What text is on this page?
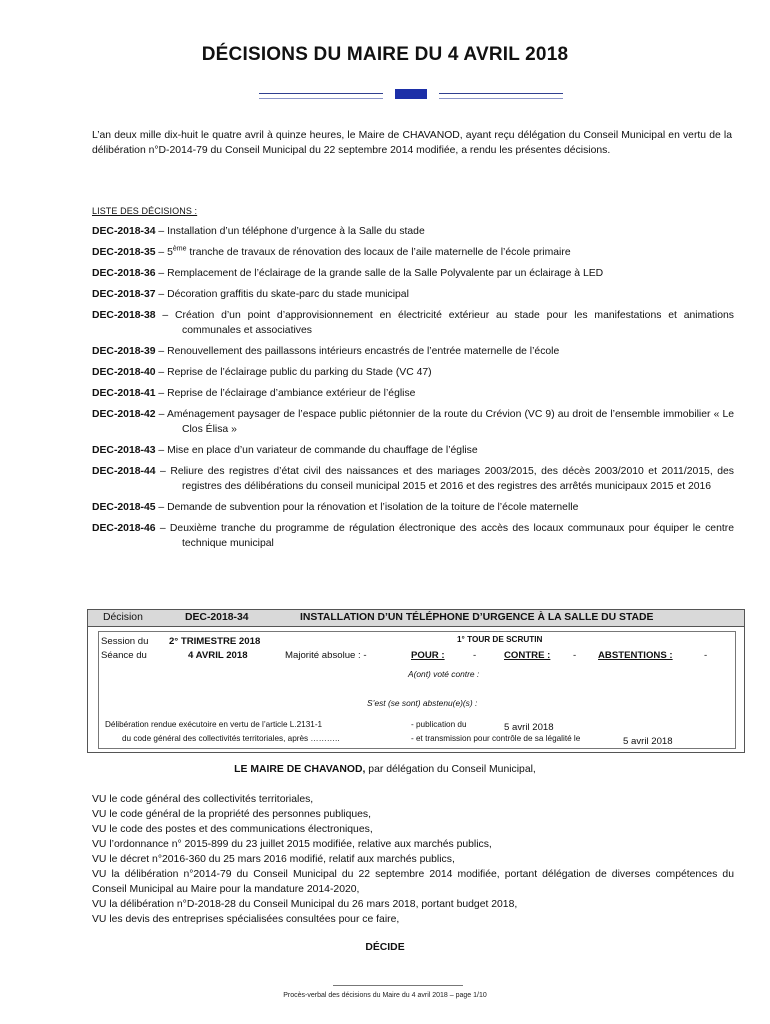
DÉCISIONS DU MAIRE DU 4 AVRIL 2018
L’an deux mille dix-huit le quatre avril à quinze heures, le Maire de CHAVANOD, ayant reçu délégation du Conseil Municipal en vertu de la délibération n°D-2014-79 du Conseil Municipal du 22 septembre 2014 modifiée, a rendu les présentes décisions.
LISTE DES DÉCISIONS :
DEC-2018-34 – Installation d’un téléphone d’urgence à la Salle du stade
DEC-2018-35 – 5ème tranche de travaux de rénovation des locaux de l’aile maternelle de l’école primaire
DEC-2018-36 – Remplacement de l’éclairage de la grande salle de la Salle Polyvalente par un éclairage à LED
DEC-2018-37 – Décoration graffitis du skate-parc du stade municipal
DEC-2018-38 – Création d’un point d’approvisionnement en électricité extérieur au stade pour les manifestations et animations communales et associatives
DEC-2018-39 – Renouvellement des paillassons intérieurs encastrés de l’entrée maternelle de l’école
DEC-2018-40 – Reprise de l’éclairage public du parking du Stade (VC 47)
DEC-2018-41 – Reprise de l’éclairage d’ambiance extérieur de l’église
DEC-2018-42 – Aménagement paysager de l’espace public piétonnier de la route du Crévion (VC 9) au droit de l’ensemble immobilier « Le Clos Élisa »
DEC-2018-43 – Mise en place d’un variateur de commande du chauffage de l’église
DEC-2018-44 – Reliure des registres d’état civil des naissances et des mariages 2003/2015, des décès 2003/2010 et 2011/2015, des registres des délibérations du conseil municipal 2015 et 2016 et des registres des arrêtés municipaux 2015 et 2016
DEC-2018-45 – Demande de subvention pour la rénovation et l’isolation de la toiture de l’école maternelle
DEC-2018-46 – Deuxième tranche du programme de régulation électronique des accès des locaux communaux pour équiper le centre technique municipal
Décision	DEC-2018-34	INSTALLATION D’UN TÉLÉPHONE D’URGENCE À LA SALLE DU STADE
Session du 2° TRIMESTRE 2018
Séance du	4 AVRIL 2018	Majorité absolue : -
1° TOUR DE SCRUTIN
POUR :	-	CONTRE : - ABSTENTIONS :	-
A(ont) voté contre :
S’est (se sont) abstenu(e)(s) :
Délibération rendue exécutoire en vertu de l’article L.2131-1
du code général des collectivités territoriales, après ………..
- publication du	5 avril 2018
- et transmission pour contrôle de sa légalité le	5 avril 2018
LE MAIRE DE CHAVANOD, par délégation du Conseil Municipal,
VU le code général des collectivités territoriales,
VU le code général de la propriété des personnes publiques,
VU le code des postes et des communications électroniques,
VU l’ordonnance n° 2015-899 du 23 juillet 2015 modifiée, relative aux marchés publics,
VU le décret n°2016-360 du 25 mars 2016 modifié, relatif aux marchés publics,
VU la délibération n°2014-79 du Conseil Municipal du 22 septembre 2014 modifiée, portant délégation de diverses compétences du Conseil Municipal au Maire pour la mandature 2014-2020,
VU la délibération n°D-2018-28 du Conseil Municipal du 26 mars 2018, portant budget 2018,
VU les devis des entreprises spécialisées consultées pour ce faire,
DÉCIDE
Procès-verbal des décisions du Maire du 4 avril 2018 – page 1/10
